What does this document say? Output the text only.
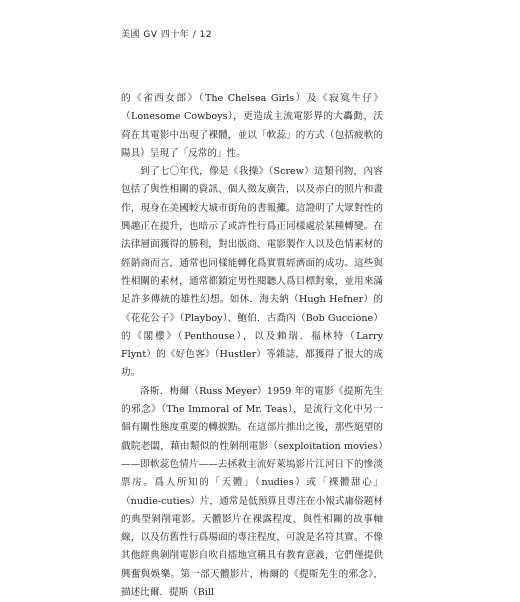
美國 GV 四十年 / 12

的《雀西女郎》（The Chelsea Girls）及《寂寞牛仔》（Lonesome Cowboys），更造成主流電影界的大轟動，沃荷在其電影中出現了裸體，並以「軟蕊」的方式（包括疲軟的陽具）呈現了「反常的」性。

到了七〇年代，像是《我操》（Screw）這類刊物，內容包括了與性相關的資訊、個人徵友廣告，以及赤白的照片和畫作，現身在美國較大城市街角的書報攤。這證明了大眾對性的興趣正在提升，也暗示了或許性行爲正同樣處於某種轉變。在法律層面獲得的勝利，對出版商、電影製作人以及色情素材的經銷商而言，通常也同樣能轉化爲實質經濟面的成功。這些與性相關的素材，通常都鎖定男性閱聽人爲目標對象，並用來滿足許多傳統的雄性幻想。如休．海夫納（Hugh Hefner）的《花花公子》（Playboy）、鮑伯．古喬內（Bob Guccione）的《閣樓》（Penthouse），以及賴瑞．福林特（Larry Flynt）的《好色客》（Hustler）等雜誌，都獲得了很大的成功。

洛斯．梅爾（Russ Meyer）1959 年的電影《提斯先生的邪念》（The Immoral of Mr. Teas），是流行文化中另一個有關性態度重要的轉捩點。在這部片推出之後，那些絕望的戲院老闆，藉由類似的性剝削電影（sexploitation movies）——即軟蕊色情片——去拯救主流好萊塢影片江河日下的慘淡票房。爲人所知的「天體」（nudies）或「裸體甜心」（nudie-cuties）片，通常是低預算且專注在小報式庸俗題材的典型剝削電影。天體影片在裸露程度、與性相關的故事軸線，以及仿舊性行爲場面的專注程度，可說是名符其實。不像其他經典剝削電影自吹自擂地宣稱具有教育意義，它們僅提供興奮與娛樂。第一部天體影片，梅爾的《提斯先生的邪念》，描述比爾．提斯（Bill
